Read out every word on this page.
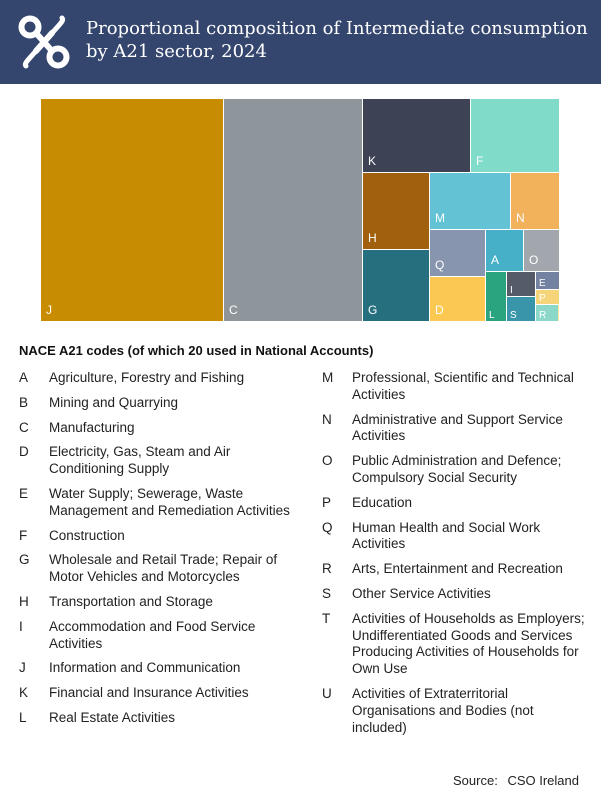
Proportional composition of Intermediate consumption by A21 sector, 2024
J	C
K	F
H
M	N
G
Q	A O
D	L
I
S
E
P
R
NACE A21 codes (of which 20 used in National Accounts)
A	Agriculture, Forestry and Fishing
B	Mining and Quarrying
C	Manufacturing
D	Electricity, Gas, Steam and Air Conditioning Supply
E	Water Supply; Sewerage, Waste Management and Remediation Activities
F	Construction
G	Wholesale and Retail Trade; Repair of Motor Vehicles and Motorcycles
H	Transportation and Storage
I	Accommodation and Food Service Activities
J	Information and Communication
K	Financial and Insurance Activities
L	Real Estate Activities
M	Professional, Scientific and Technical Activities
N	Administrative and Support Service Activities
O	Public Administration and Defence; Compulsory Social Security
P	Education
Q	Human Health and Social Work Activities
R	Arts, Entertainment and Recreation
S	Other Service Activities
T	Activities of Households as Employers; Undifferentiated Goods and Services Producing Activities of Households for Own Use
U	Activities of Extraterritorial Organisations and Bodies (not included)
Source: CSO Ireland
